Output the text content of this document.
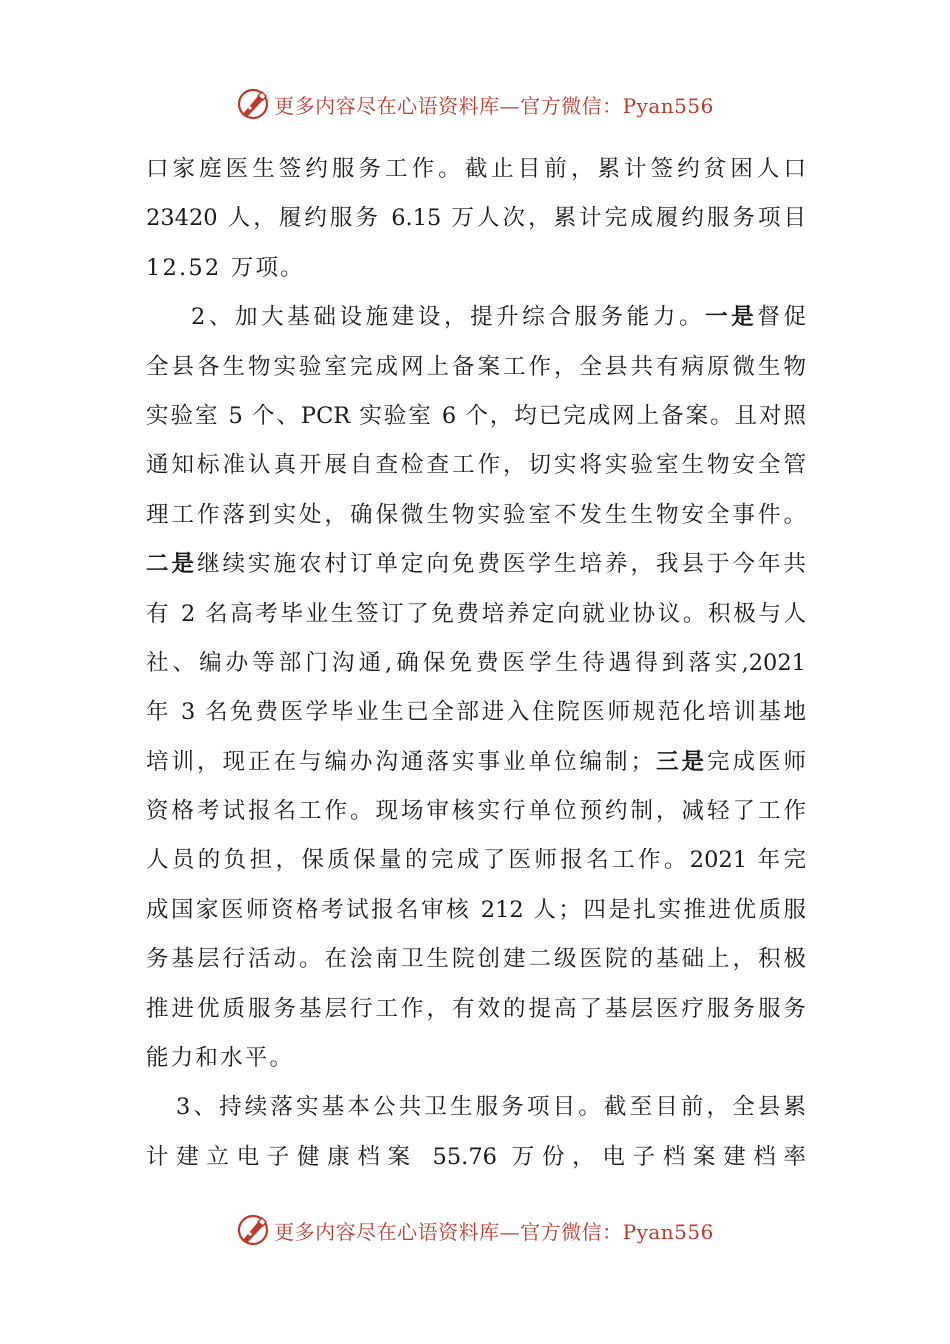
更多内容尽在心语资料库—官方微信：Pyan556
口家庭医生签约服务工作。截止目前，累计签约贫困人口
23420 人，履约服务 6.15 万人次，累计完成履约服务项目
12.52 万项。
2、加大基础设施建设，提升综合服务能力。一是督促
全县各生物实验室完成网上备案工作，全县共有病原微生物
实验室 5 个、PCR 实验室 6 个，均已完成网上备案。且对照
通知标准认真开展自查检查工作，切实将实验室生物安全管
理工作落到实处，确保微生物实验室不发生生物安全事件。
二是继续实施农村订单定向免费医学生培养，我县于今年共
有 2 名高考毕业生签订了免费培养定向就业协议。积极与人
社、编办等部门沟通,确保免费医学生待遇得到落实,2021
年 3 名免费医学毕业生已全部进入住院医师规范化培训基地
培训，现正在与编办沟通落实事业单位编制；三是完成医师
资格考试报名工作。现场审核实行单位预约制，减轻了工作
人员的负担，保质保量的完成了医师报名工作。2021 年完
成国家医师资格考试报名审核 212 人；四是扎实推进优质服
务基层行活动。在浍南卫生院创建二级医院的基础上，积极
推进优质服务基层行工作，有效的提高了基层医疗服务服务
能力和水平。
3、持续落实基本公共卫生服务项目。截至目前，全县累
计建立电子健康档案 55.76 万份，电子档案建档率
更多内容尽在心语资料库—官方微信：Pyan556
